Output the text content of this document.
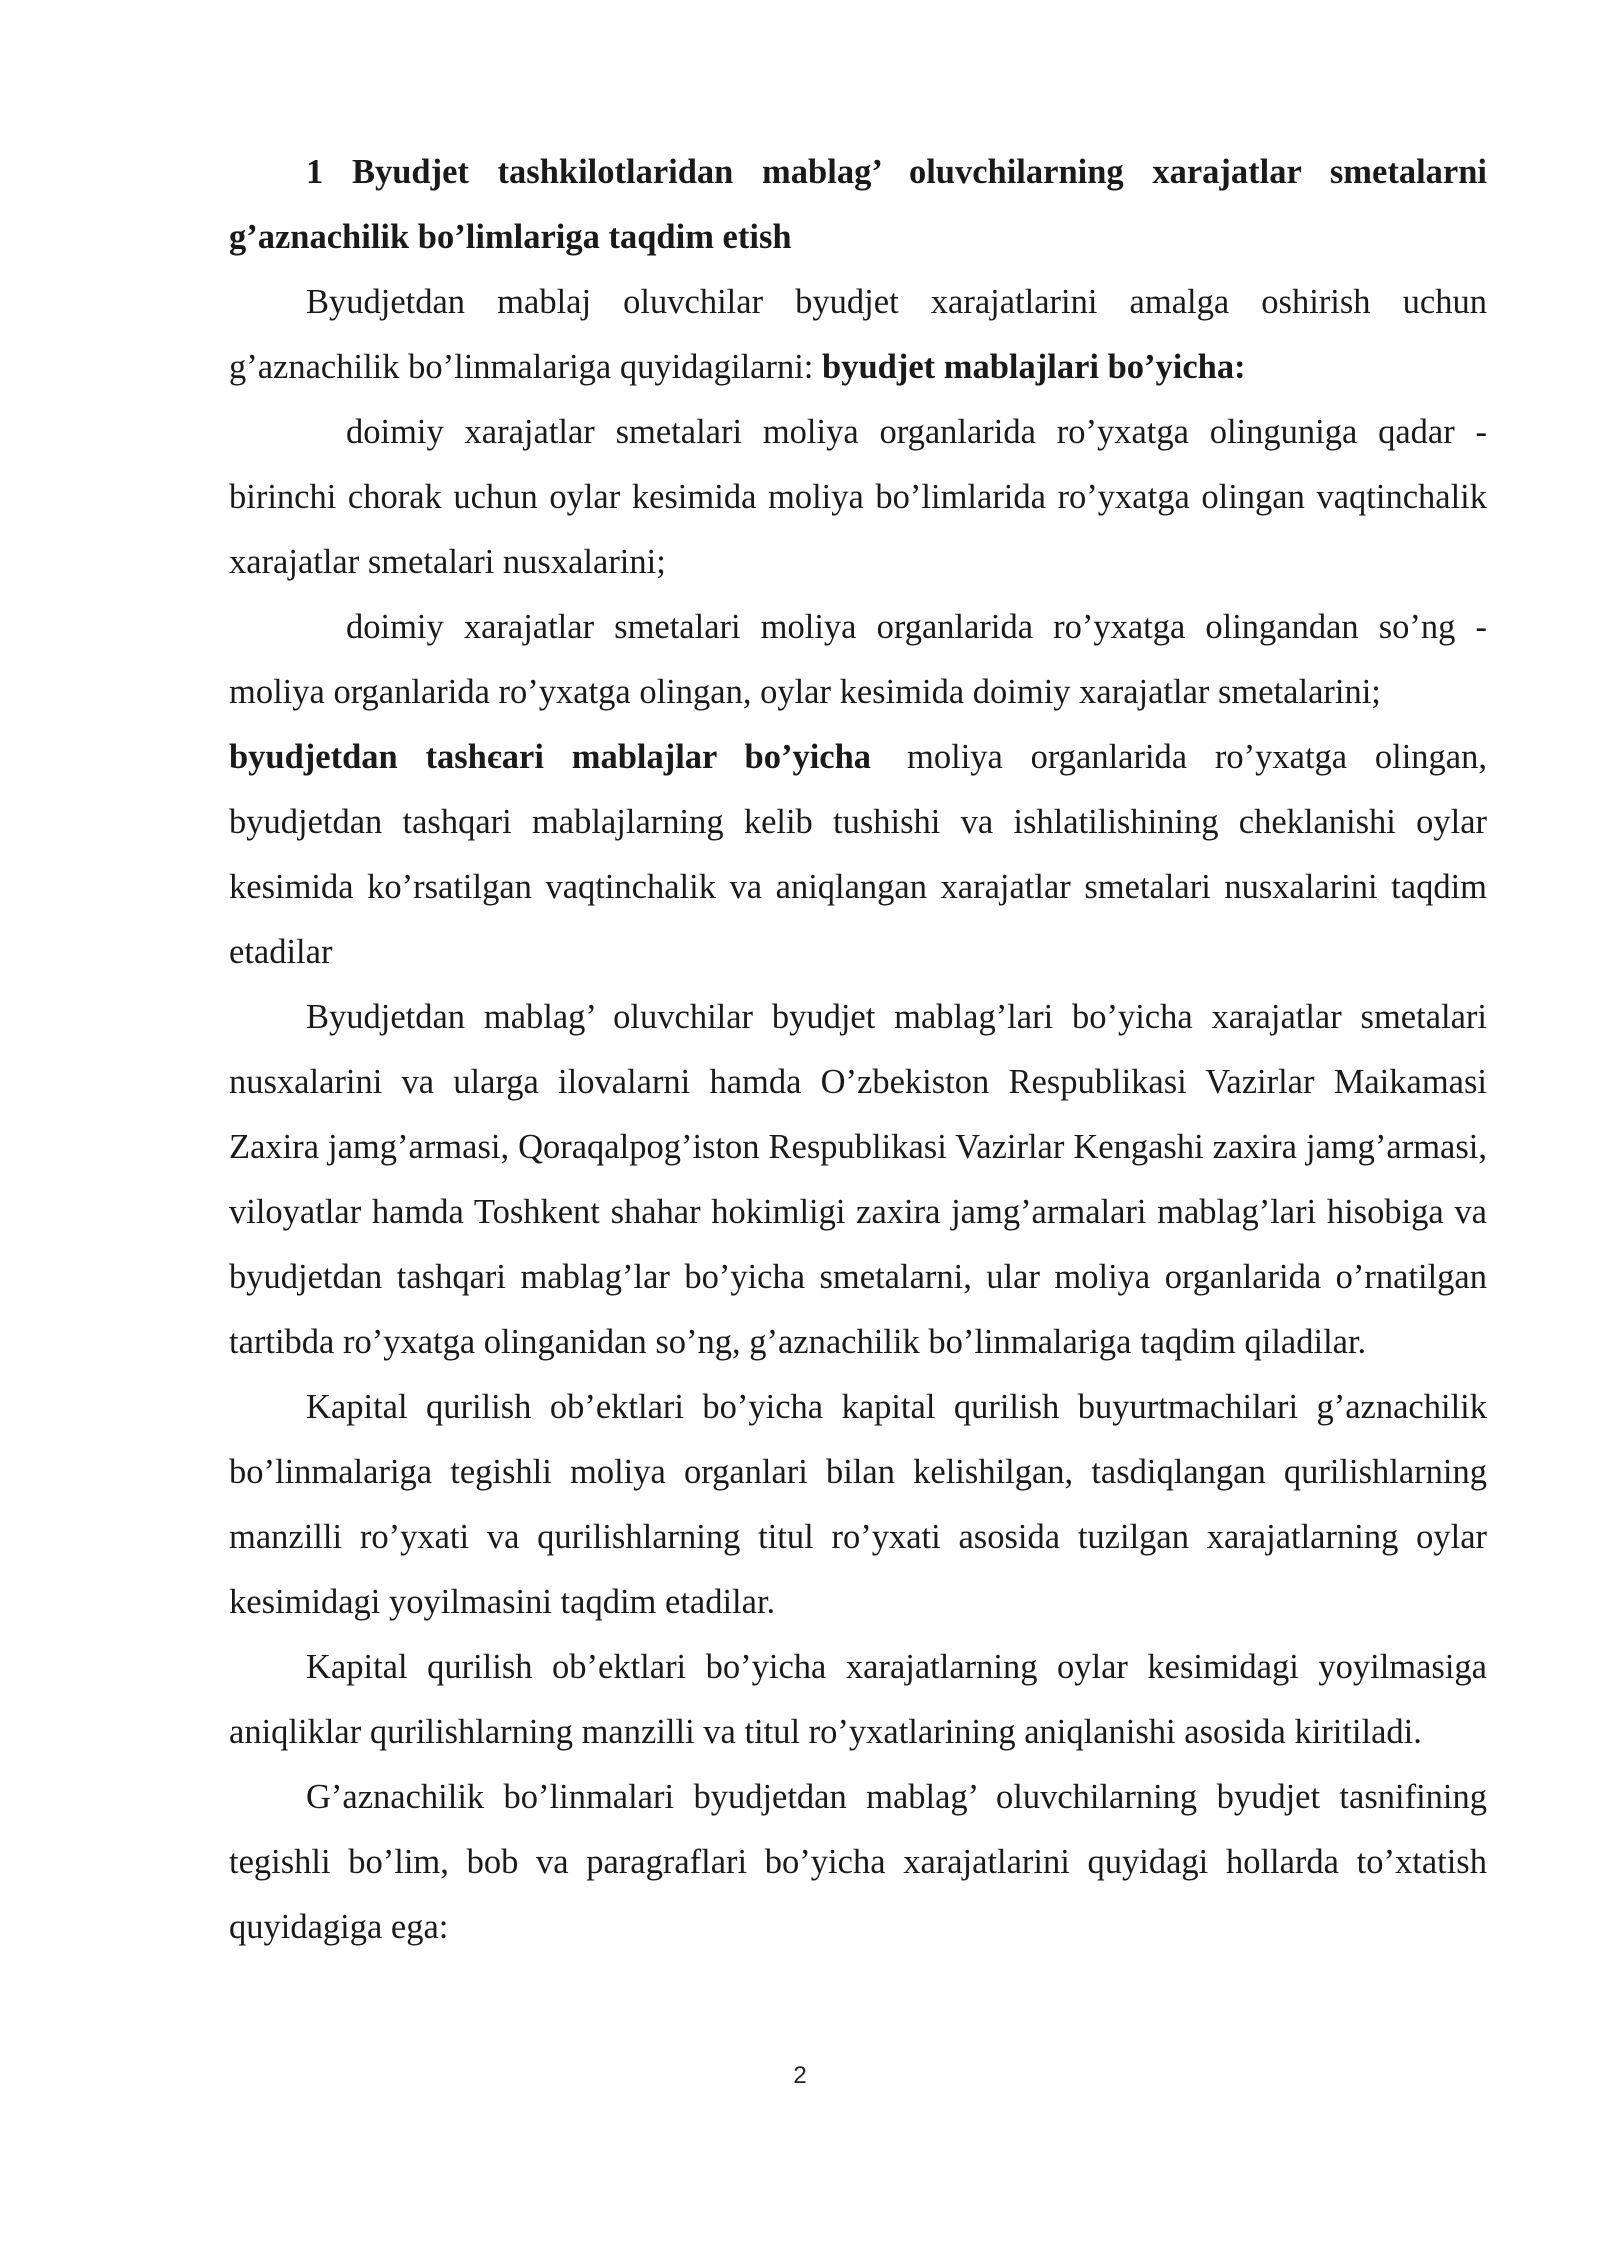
1 Byudjet tashkilotlaridan mablag’ oluvchilarning xarajatlar smetalarni g’aznachilik bo’limlariga taqdim etish

Byudjetdan mablaj oluvchilar byudjet xarajatlarini amalga oshirish uchun g’aznachilik bo’linmalariga quyidagilarni: byudjet mablajlari bo’yicha:

doimiy xarajatlar smetalari moliya organlarida ro’yxatga olinguniga qadar - birinchi chorak uchun oylar kesimida moliya bo’limlarida ro’yxatga olingan vaqtinchalik xarajatlar smetalari nusxalarini;

doimiy xarajatlar smetalari moliya organlarida ro’yxatga olingandan so’ng - moliya organlarida ro’yxatga olingan, oylar kesimida doimiy xarajatlar smetalarini;

byudjetdan tashєari mablajlar bo’yicha moliya organlarida ro’yxatga olingan, byudjetdan tashqari mablajlarning kelib tushishi va ishlatilishining cheklanishi oylar kesimida ko’rsatilgan vaqtinchalik va aniqlangan xarajatlar smetalari nusxalarini taqdim etadilar

Byudjetdan mablag’ oluvchilar byudjet mablag’lari bo’yicha xarajatlar smetalari nusxalarini va ularga ilovalarni hamda O’zbekiston Respublikasi Vazirlar Maikamasi Zaxira jamg’armasi, Qoraqalpog’iston Respublikasi Vazirlar Kengashi zaxira jamg’armasi, viloyatlar hamda Toshkent shahar hokimligi zaxira jamg’armalari mablag’lari hisobiga va byudjetdan tashqari mablag’lar bo’yicha smetalarni, ular moliya organlarida o’rnatilgan tartibda ro’yxatga olinganidan so’ng, g’aznachilik bo’linmalariga taqdim qiladilar.

Kapital qurilish ob’ektlari bo’yicha kapital qurilish buyurtmachilari g’aznachilik bo’linmalariga tegishli moliya organlari bilan kelishilgan, tasdiqlangan qurilishlarning manzilli ro’yxati va qurilishlarning titul ro’yxati asosida tuzilgan xarajatlarning oylar kesimidagi yoyilmasini taqdim etadilar.

Kapital qurilish ob’ektlari bo’yicha xarajatlarning oylar kesimidagi yoyilmasiga aniqliklar qurilishlarning manzilli va titul ro’yxatlarining aniqlanishi asosida kiritiladi.

G’aznachilik bo’linmalari byudjetdan mablag’ oluvchilarning byudjet tasnifining tegishli bo’lim, bob va paragraflari bo’yicha xarajatlarini quyidagi hollarda to’xtatish quyidagiga ega:

2
